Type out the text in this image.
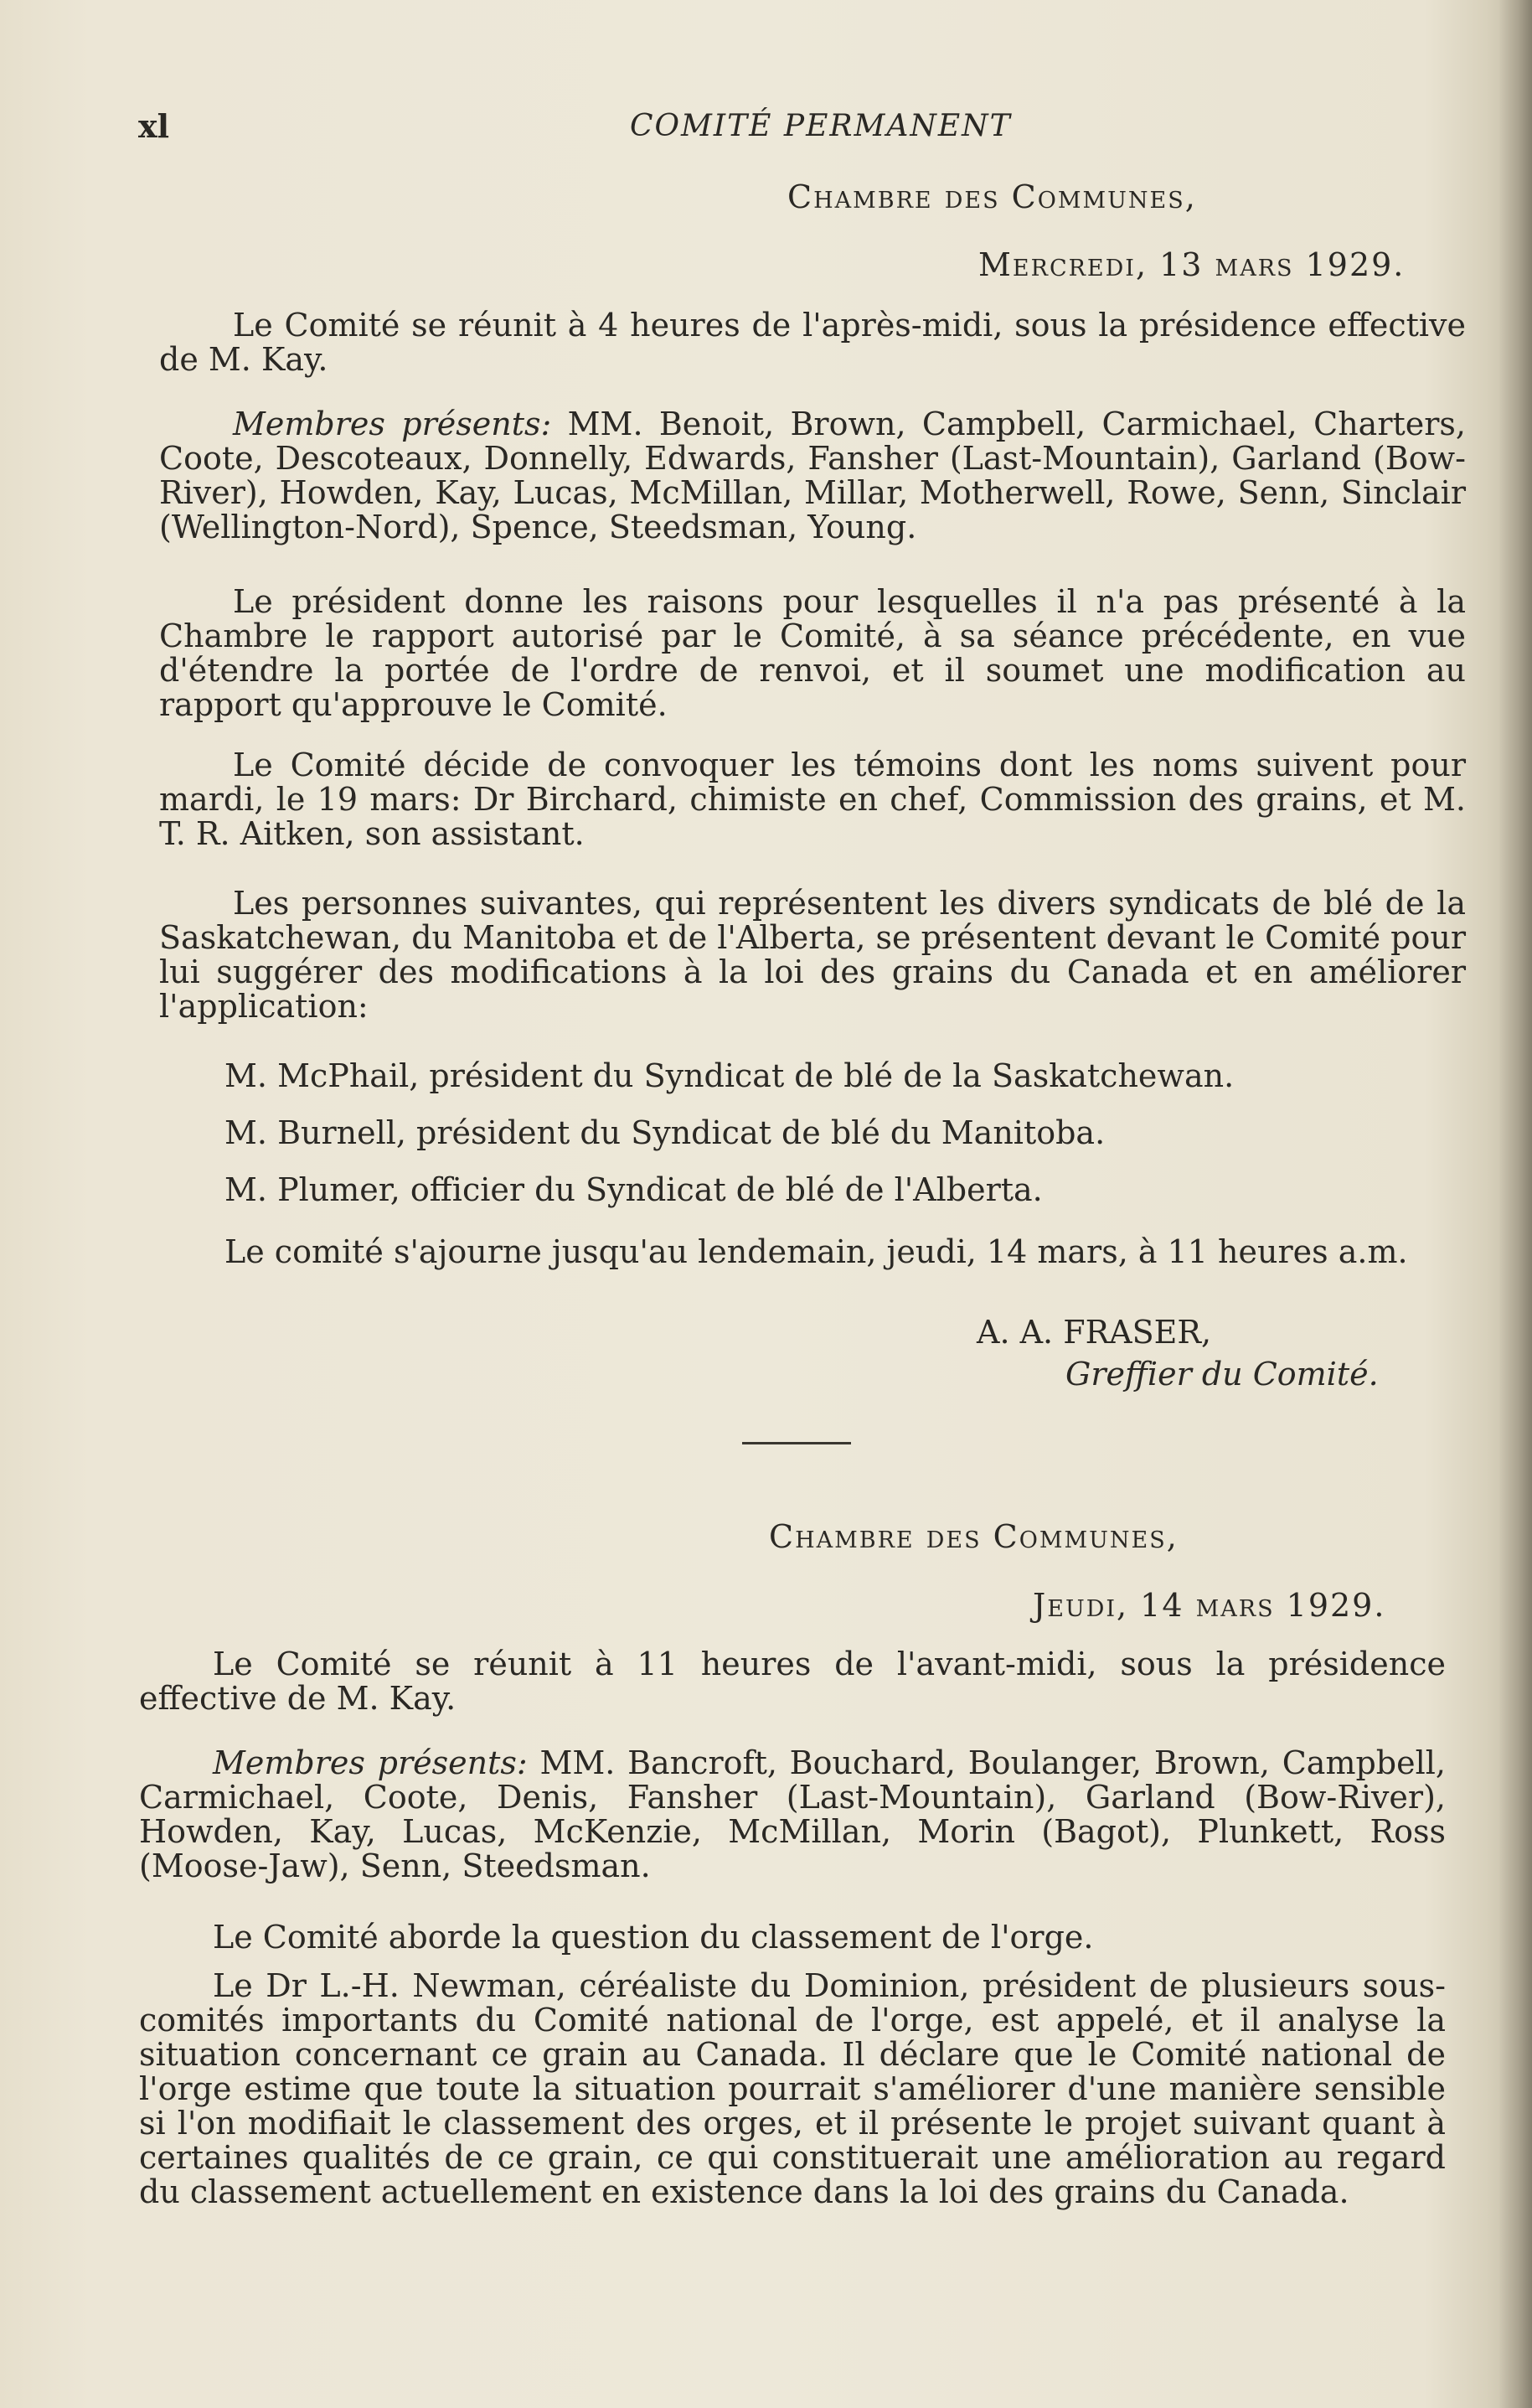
xl	COMITÉ PERMANENT
Chambre des Communes,
Mercredi, 13 mars 1929.
Le Comité se réunit à 4 heures de l'après-midi, sous la présidence effective de M. Kay.
Membres présents: MM. Benoit, Brown, Campbell, Carmichael, Charters, Coote, Descoteaux, Donnelly, Edwards, Fansher (Last-Mountain), Garland (Bow-River), Howden, Kay, Lucas, McMillan, Millar, Motherwell, Rowe, Senn, Sinclair (Wellington-Nord), Spence, Steedsman, Young.
Le président donne les raisons pour lesquelles il n'a pas présenté à la Chambre le rapport autorisé par le Comité, à sa séance précédente, en vue d'étendre la portée de l'ordre de renvoi, et il soumet une modification au rapport qu'approuve le Comité.
Le Comité décide de convoquer les témoins dont les noms suivent pour mardi, le 19 mars: Dr Birchard, chimiste en chef, Commission des grains, et M. T. R. Aitken, son assistant.
Les personnes suivantes, qui représentent les divers syndicats de blé de la Saskatchewan, du Manitoba et de l'Alberta, se présentent devant le Comité pour lui suggérer des modifications à la loi des grains du Canada et en améliorer l'application:
M. McPhail, président du Syndicat de blé de la Saskatchewan.
M. Burnell, président du Syndicat de blé du Manitoba.
M. Plumer, officier du Syndicat de blé de l'Alberta.
Le comité s'ajourne jusqu'au lendemain, jeudi, 14 mars, à 11 heures a.m.
A. A. FRASER,
Greffier du Comité.
Chambre des Communes,
Jeudi, 14 mars 1929.
Le Comité se réunit à 11 heures de l'avant-midi, sous la présidence effective de M. Kay.
Membres présents: MM. Bancroft, Bouchard, Boulanger, Brown, Campbell, Carmichael, Coote, Denis, Fansher (Last-Mountain), Garland (Bow-River), Howden, Kay, Lucas, McKenzie, McMillan, Morin (Bagot), Plunkett, Ross (Moose-Jaw), Senn, Steedsman.
Le Comité aborde la question du classement de l'orge.
Le Dr L.-H. Newman, céréaliste du Dominion, président de plusieurs sous-comités importants du Comité national de l'orge, est appelé, et il analyse la situation concernant ce grain au Canada. Il déclare que le Comité national de l'orge estime que toute la situation pourrait s'améliorer d'une manière sensible si l'on modifiait le classement des orges, et il présente le projet suivant quant à certaines qualités de ce grain, ce qui constituerait une amélioration au regard du classement actuellement en existence dans la loi des grains du Canada.
